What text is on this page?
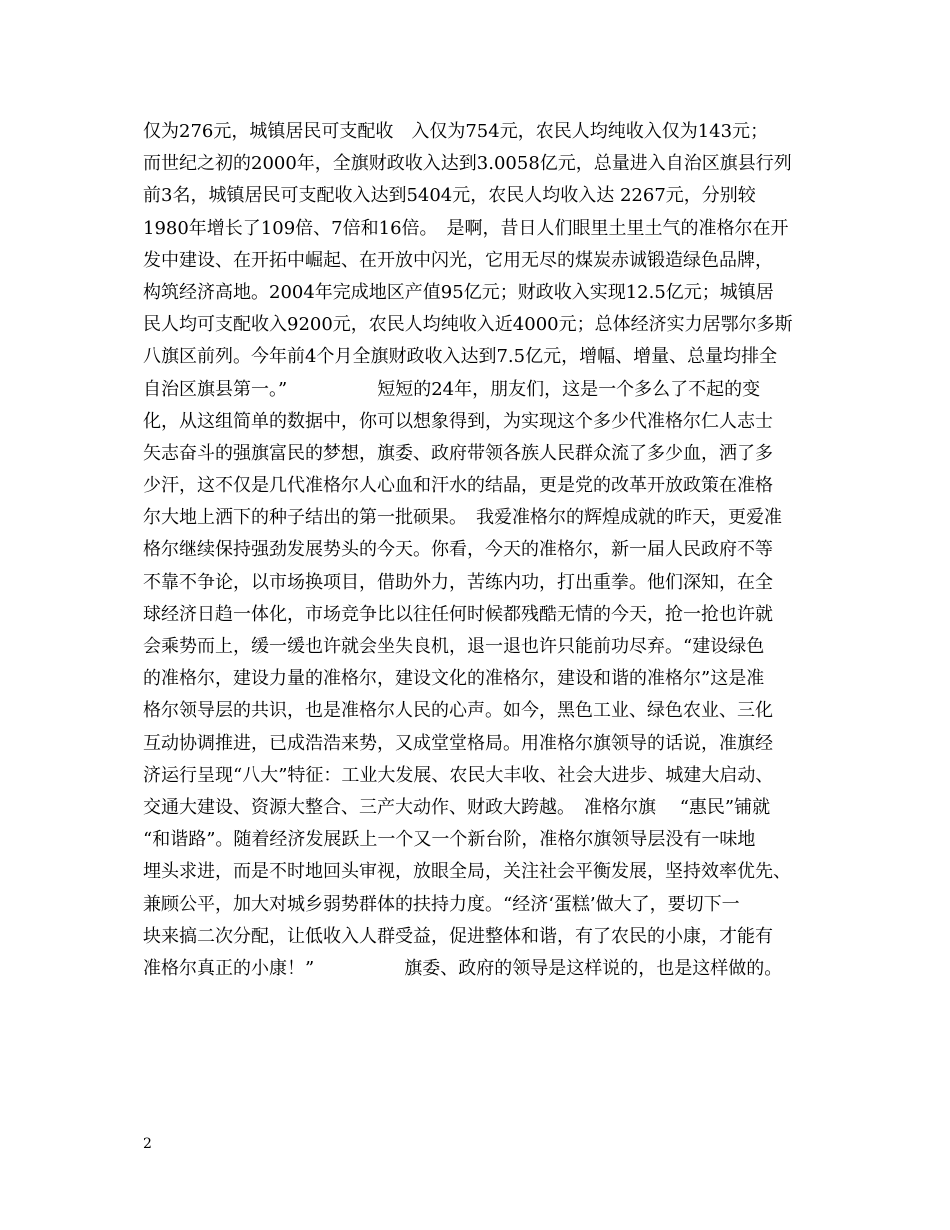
仅为276元，城镇居民可支配收　入仅为754元，农民人均纯收入仅为143元；
而世纪之初的2000年，全旗财政收入达到3.0058亿元，总量进入自治区旗县行列
前3名，城镇居民可支配收入达到5404元，农民人均收入达 2267元，分别较
1980年增长了109倍、7倍和16倍。　是啊，昔日人们眼里土里土气的准格尔在开
发中建设、在开拓中崛起、在开放中闪光，它用无尽的煤炭赤诚锻造绿色品牌，
构筑经济高地。2004年完成地区产值95亿元；财政收入实现12.5亿元；城镇居
民人均可支配收入9200元，农民人均纯收入近4000元；总体经济实力居鄂尔多斯
八旗区前列。今年前4个月全旗财政收入达到7.5亿元，增幅、增量、总量均排全
自治区旗县第一。”　　　　　短短的24年，朋友们，这是一个多么了不起的变
化，从这组简单的数据中，你可以想象得到，为实现这个多少代准格尔仁人志士
矢志奋斗的强旗富民的梦想，旗委、政府带领各族人民群众流了多少血，洒了多
少汗，这不仅是几代准格尔人心血和汗水的结晶，更是党的改革开放政策在准格
尔大地上洒下的种子结出的第一批硕果。　我爱准格尔的辉煌成就的昨天，更爱准
格尔继续保持强劲发展势头的今天。你看，今天的准格尔，新一届人民政府不等
不靠不争论，以市场换项目，借助外力，苦练内功，打出重拳。他们深知，在全
球经济日趋一体化，市场竞争比以往任何时候都残酷无情的今天，抢一抢也许就
会乘势而上，缓一缓也许就会坐失良机，退一退也许只能前功尽弃。“建设绿色
的准格尔，建设力量的准格尔，建设文化的准格尔，建设和谐的准格尔”这是准
格尔领导层的共识，也是准格尔人民的心声。如今，黑色工业、绿色农业、三化
互动协调推进，已成浩浩来势，又成堂堂格局。用准格尔旗领导的话说，准旗经
济运行呈现“八大”特征：工业大发展、农民大丰收、社会大进步、城建大启动、
交通大建设、资源大整合、三产大动作、财政大跨越。　准格尔旗　 “惠民”铺就
“和谐路”。随着经济发展跃上一个又一个新台阶，准格尔旗领导层没有一味地
埋头求进，而是不时地回头审视，放眼全局，关注社会平衡发展，坚持效率优先、
兼顾公平，加大对城乡弱势群体的扶持力度。“经济‘蛋糕’做大了，要切下一
块来搞二次分配，让低收入人群受益，促进整体和谐，有了农民的小康，才能有
准格尔真正的小康！”　　　　　旗委、政府的领导是这样说的，也是这样做的。
2
